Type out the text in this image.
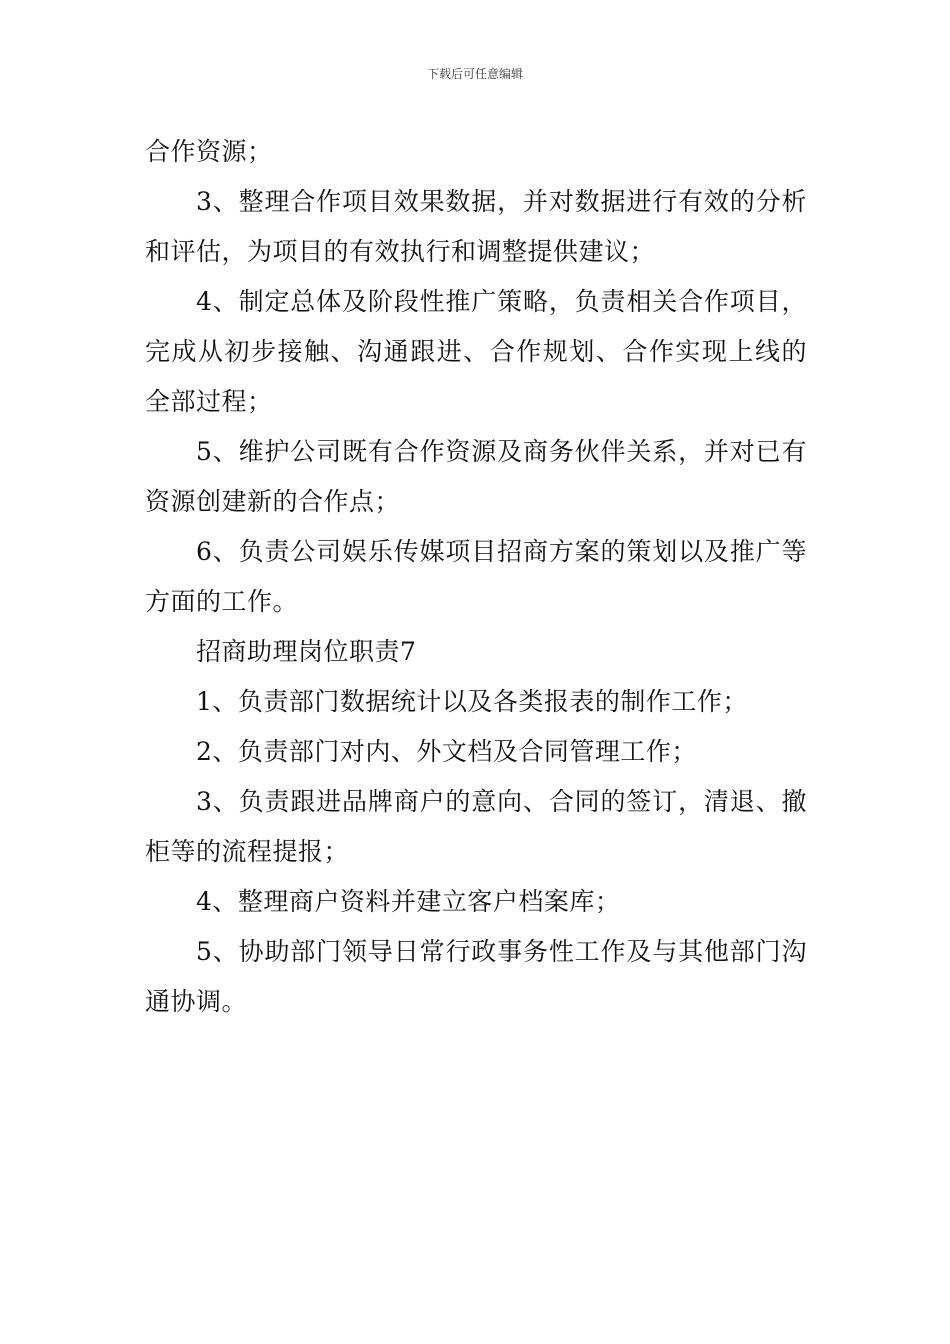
下载后可任意编辑

合作资源；

3、整理合作项目效果数据，并对数据进行有效的分析和评估，为项目的有效执行和调整提供建议；

4、制定总体及阶段性推广策略，负责相关合作项目，完成从初步接触、沟通跟进、合作规划、合作实现上线的全部过程；

5、维护公司既有合作资源及商务伙伴关系，并对已有资源创建新的合作点；

6、负责公司娱乐传媒项目招商方案的策划以及推广等方面的工作。

招商助理岗位职责7

1、负责部门数据统计以及各类报表的制作工作；

2、负责部门对内、外文档及合同管理工作；

3、负责跟进品牌商户的意向、合同的签订，清退、撤柜等的流程提报；

4、整理商户资料并建立客户档案库；

5、协助部门领导日常行政事务性工作及与其他部门沟通协调。
